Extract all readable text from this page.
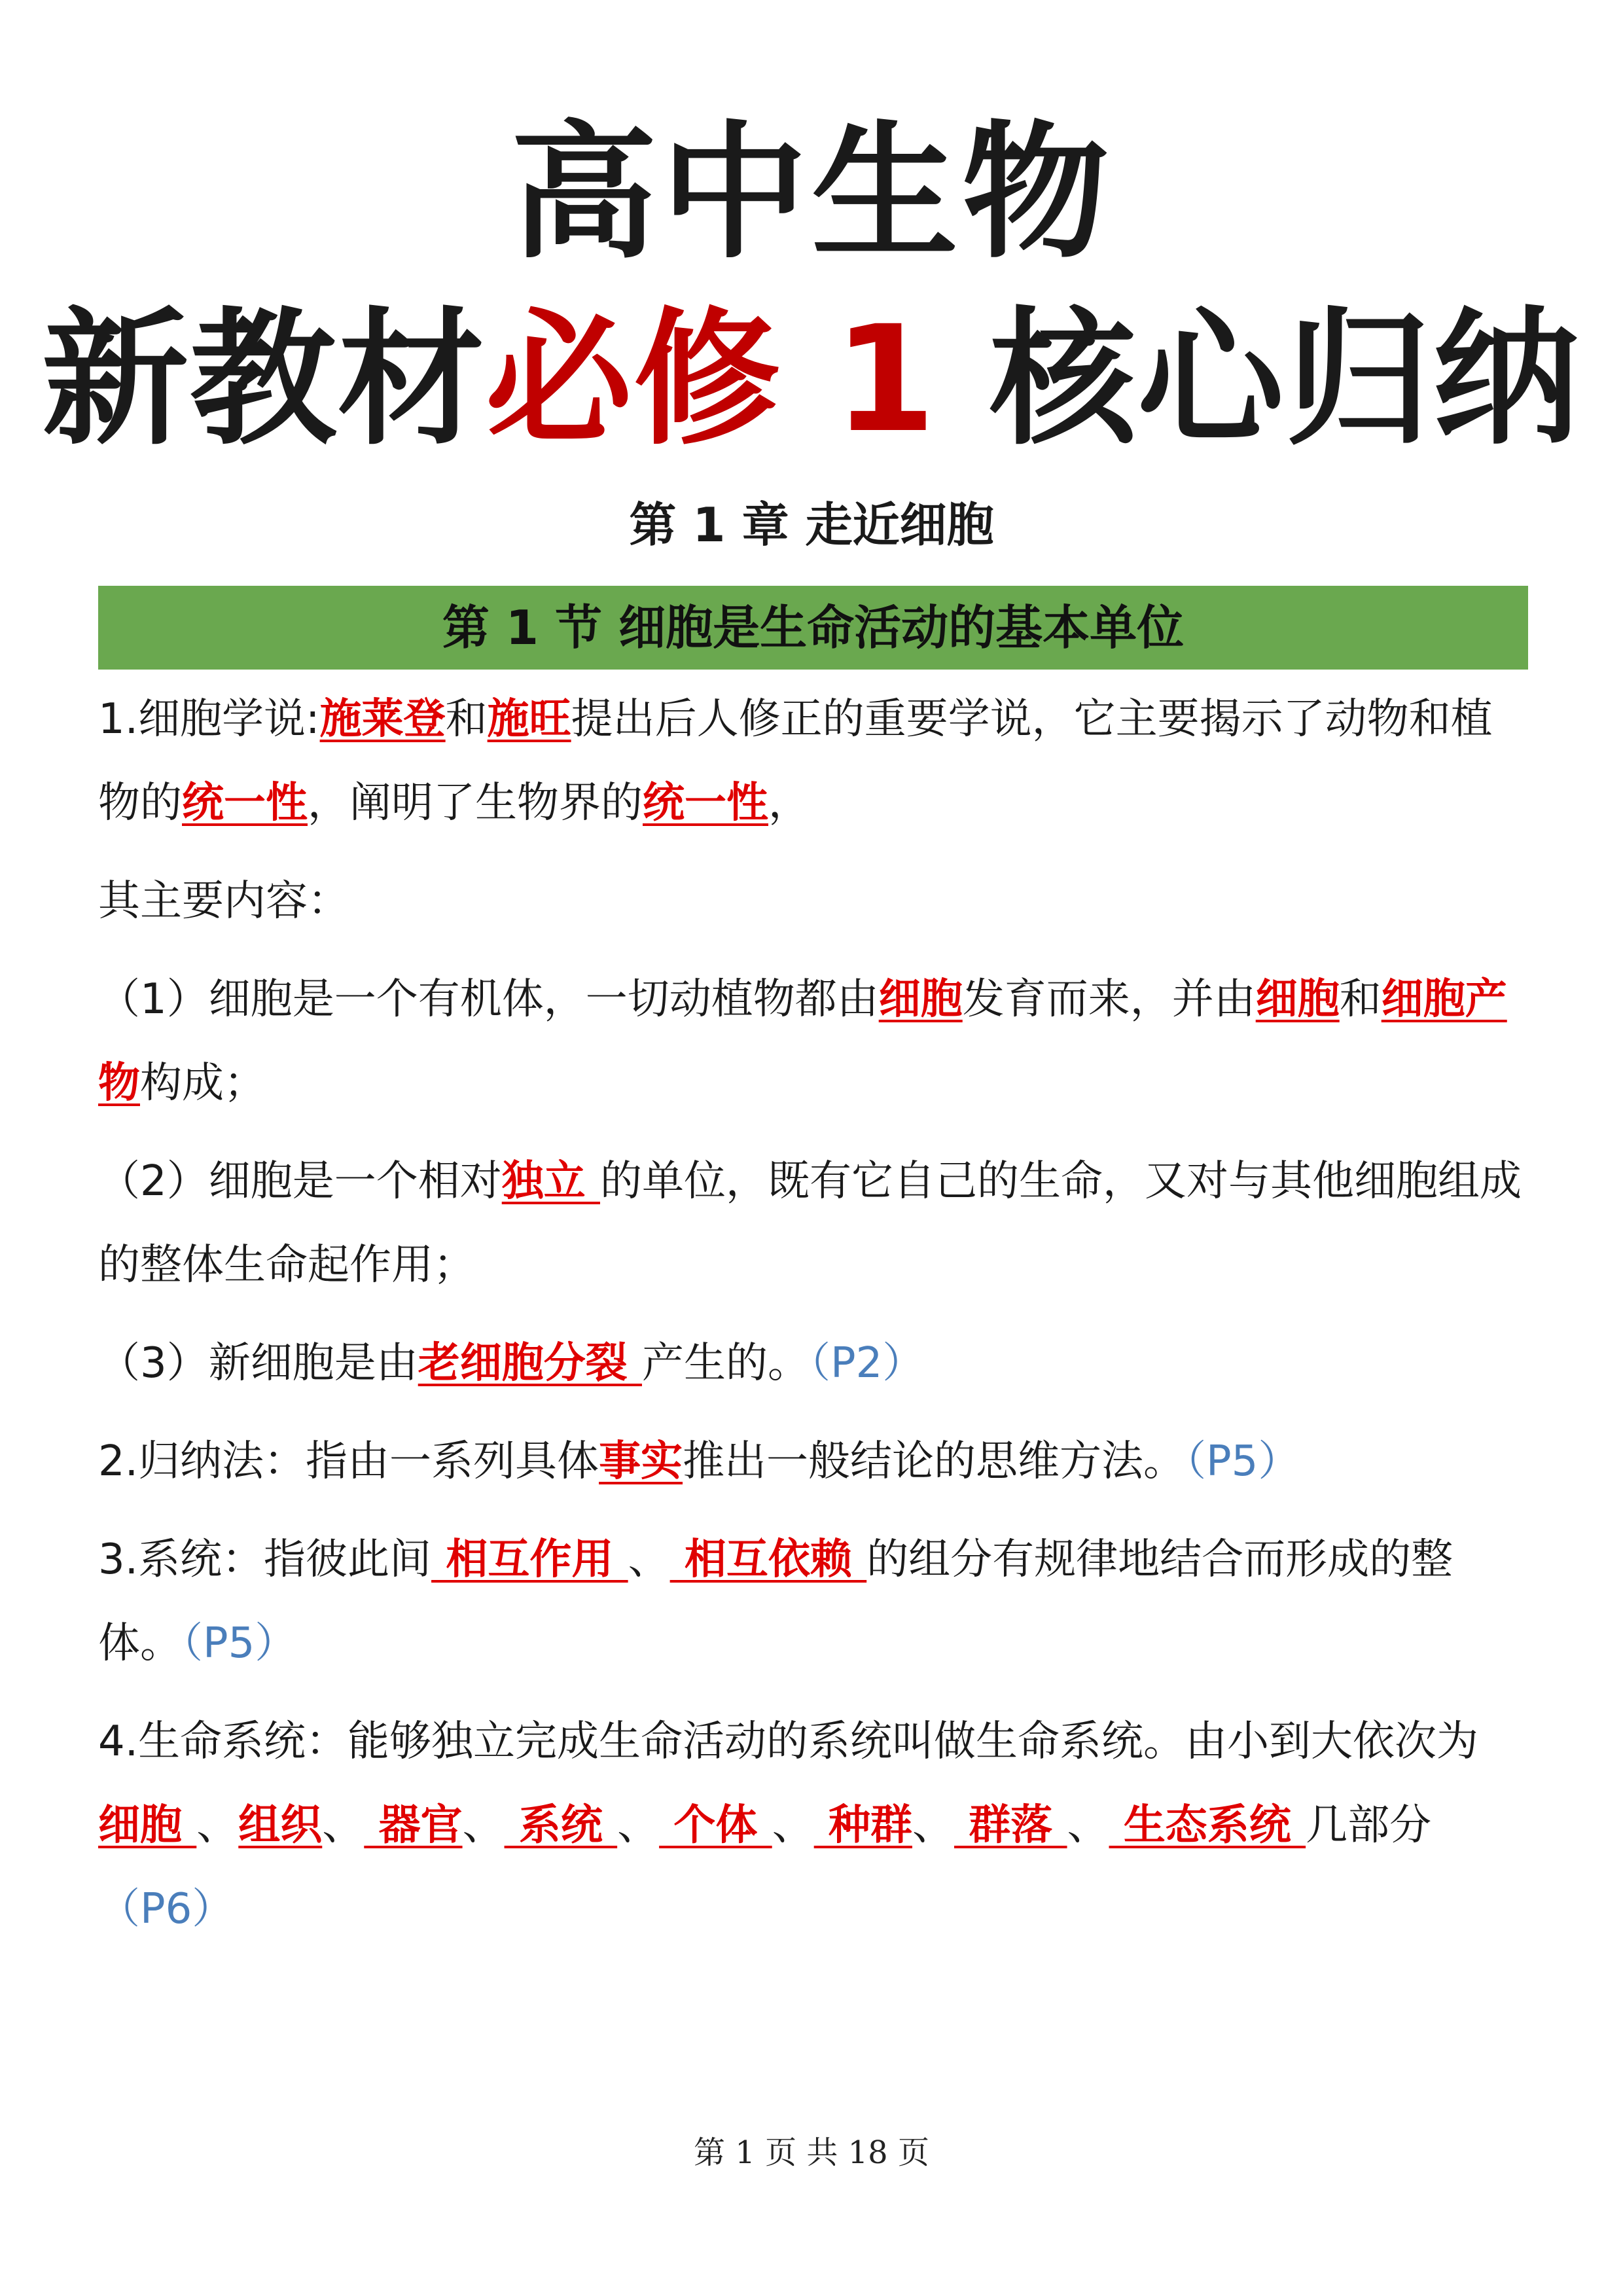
高中生物
新教材必修 1 核心归纳
第 1 章 走近细胞
第 1 节 细胞是生命活动的基本单位

1.细胞学说:施莱登和施旺提出后人修正的重要学说，它主要揭示了动物和植物的统一性，阐明了生物界的统一性，

其主要内容：

（1）细胞是一个有机体，一切动植物都由细胞发育而来，并由细胞和细胞产物构成；

（2）细胞是一个相对独立 的单位，既有它自己的生命，又对与其他细胞组成的整体生命起作用；

（3）新细胞是由老细胞分裂 产生的。（P2）

2.归纳法：指由一系列具体事实推出一般结论的思维方法。（P5）

3.系统：指彼此间 相互作用 、 相互依赖 的组分有规律地结合而形成的整体。（P5）

4.生命系统：能够独立完成生命活动的系统叫做生命系统。由小到大依次为细胞 、组织、 器官、 系统 、 个体 、 种群、 群落 、 生态系统 几部分（P6）

第 1 页 共 18 页
